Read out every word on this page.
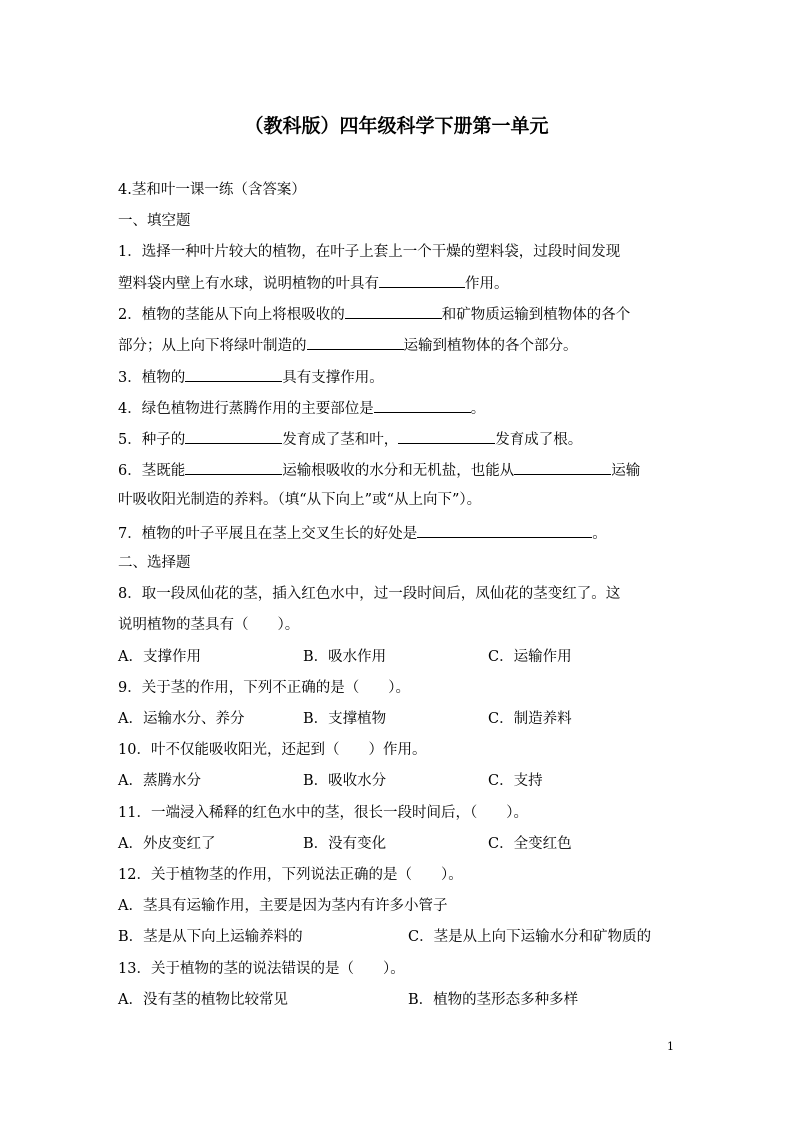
（教科版）四年级科学下册第一单元
4.茎和叶一课一练（含答案）
一、填空题
1．选择一种叶片较大的植物，在叶子上套上一个干燥的塑料袋，过段时间发现
塑料袋内壁上有水球，说明植物的叶具有	作用。
2．植物的茎能从下向上将根吸收的	和矿物质运输到植物体的各个
部分；从上向下将绿叶制造的	运输到植物体的各个部分。
3．植物的	具有支撑作用。
4．绿色植物进行蒸腾作用的主要部位是	。
5．种子的	发育成了茎和叶，	发育成了根。
6．茎既能	运输根吸收的水分和无机盐，也能从	运输
叶吸收阳光制造的养料。（填“从下向上”或“从上向下”）。
7．植物的叶子平展且在茎上交叉生长的好处是	。
二、选择题
8．取一段凤仙花的茎，插入红色水中，过一段时间后，凤仙花的茎变红了。这
说明植物的茎具有（　　）。
A．支撑作用	B．吸水作用	C．运输作用
9．关于茎的作用，下列不正确的是（　　）。
A．运输水分、养分	B．支撑植物	C．制造养料
10．叶不仅能吸收阳光，还起到（　　）作用。
A．蒸腾水分	B．吸收水分	C．支持
11．一端浸入稀释的红色水中的茎，很长一段时间后，（　　）。
A．外皮变红了	B．没有变化	C．全变红色
12．关于植物茎的作用，下列说法正确的是（　　）。
A．茎具有运输作用，主要是因为茎内有许多小管子
B．茎是从下向上运输养料的	C．茎是从上向下运输水分和矿物质的
13．关于植物的茎的说法错误的是（　　）。
A．没有茎的植物比较常见	B．植物的茎形态多种多样
1
